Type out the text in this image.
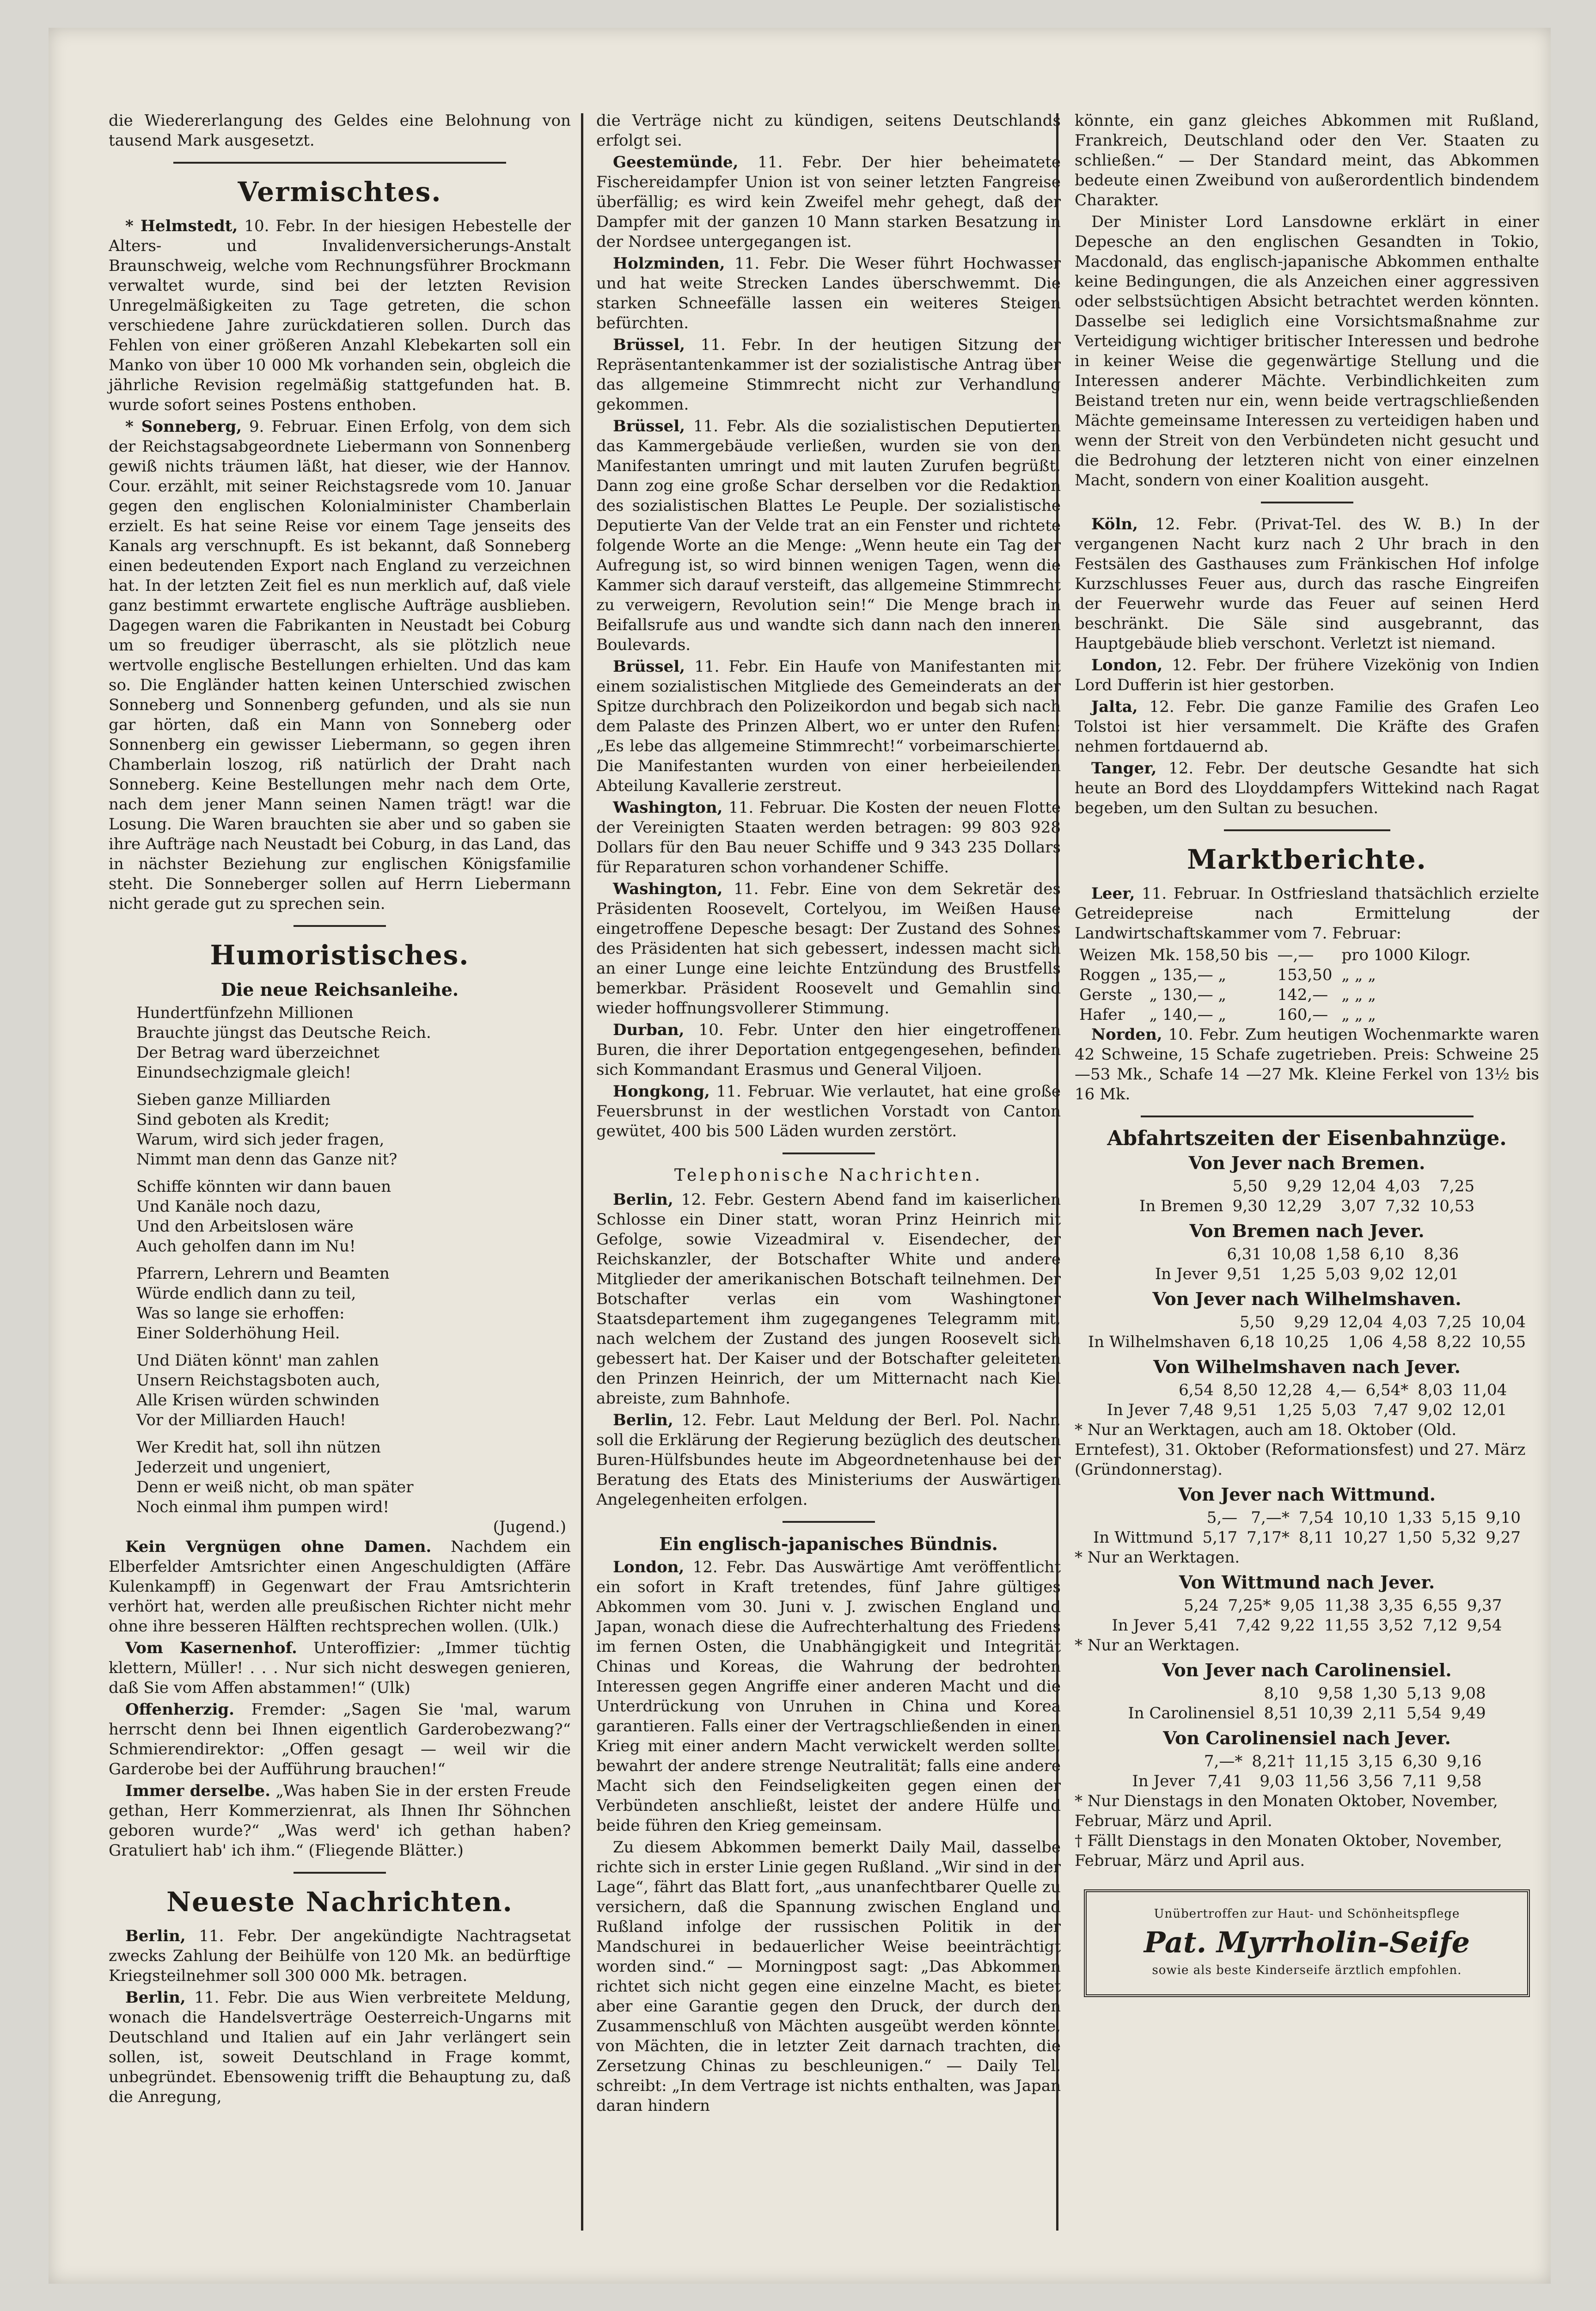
die Wiedererlangung des Geldes eine Belohnung von tausend Mark ausgesetzt.

Vermischtes.

* Helmstedt, 10. Febr. In der hiesigen Hebestelle der Alters- und Invalidenversicherungs-Anstalt Braunschweig, welche vom Rechnungsführer Brockmann verwaltet wurde, sind bei der letzten Revision Unregelmäßigkeiten zu Tage getreten, die schon verschiedene Jahre zurückdatieren sollen. Durch das Fehlen von einer größeren Anzahl Klebekarten soll ein Manko von über 10 000 Mk vorhanden sein, obgleich die jährliche Revision regelmäßig stattgefunden hat. B. wurde sofort seines Postens enthoben.

* Sonneberg, 9. Februar. Einen Erfolg, von dem sich der Reichstagsabgeordnete Liebermann von Sonnenberg gewiß nichts träumen läßt, hat dieser, wie der Hannov. Cour. erzählt, mit seiner Reichstagsrede vom 10. Januar gegen den englischen Kolonialminister Chamberlain erzielt. Es hat seine Reise vor einem Tage jenseits des Kanals arg verschnupft. Es ist bekannt, daß Sonneberg einen bedeutenden Export nach England zu verzeichnen hat. In der letzten Zeit fiel es nun merklich auf, daß viele ganz bestimmt erwartete englische Aufträge ausblieben. Dagegen waren die Fabrikanten in Neustadt bei Coburg um so freudiger überrascht, als sie plötzlich neue wertvolle englische Bestellungen erhielten. Und das kam so. Die Engländer hatten keinen Unterschied zwischen Sonneberg und Sonnenberg gefunden, und als sie nun gar hörten, daß ein Mann von Sonneberg oder Sonnenberg ein gewisser Liebermann, so gegen ihren Chamberlain loszog, riß natürlich der Draht nach Sonneberg. Keine Bestellungen mehr nach dem Orte, nach dem jener Mann seinen Namen trägt! war die Losung. Die Waren brauchten sie aber und so gaben sie ihre Aufträge nach Neustadt bei Coburg, in das Land, das in nächster Beziehung zur englischen Königsfamilie steht. Die Sonneberger sollen auf Herrn Liebermann nicht gerade gut zu sprechen sein.

Humoristisches.
Die neue Reichsanleihe.
Hundertfünfzehn Millionen
Brauchte jüngst das Deutsche Reich.
Der Betrag ward überzeichnet
Einundsechzigmale gleich!
Sieben ganze Milliarden
Sind geboten als Kredit;
Warum, wird sich jeder fragen,
Nimmt man denn das Ganze nit?
Schiffe könnten wir dann bauen
Und Kanäle noch dazu,
Und den Arbeitslosen wäre
Auch geholfen dann im Nu!
Pfarrern, Lehrern und Beamten
Würde endlich dann zu teil,
Was so lange sie erhoffen:
Einer Solderhöhung Heil.
Und Diäten könnt' man zahlen
Unsern Reichstagsboten auch,
Alle Krisen würden schwinden
Vor der Milliarden Hauch!
Wer Kredit hat, soll ihn nützen
Jederzeit und ungeniert,
Denn er weiß nicht, ob man später
Noch einmal ihm pumpen wird!
(Jugend.)

Kein Vergnügen ohne Damen. Nachdem ein Elberfelder Amtsrichter einen Angeschuldigten (Affäre Kulenkampff) in Gegenwart der Frau Amtsrichterin verhört hat, werden alle preußischen Richter nicht mehr ohne ihre besseren Hälften rechtsprechen wollen. (Ulk.)

Vom Kasernenhof. Unteroffizier: „Immer tüchtig klettern, Müller! . . . Nur sich nicht deswegen genieren, daß Sie vom Affen abstammen!“ (Ulk)

Offenherzig. Fremder: „Sagen Sie 'mal, warum herrscht denn bei Ihnen eigentlich Garderobezwang?“ Schmierendirektor: „Offen gesagt — weil wir die Garderobe bei der Aufführung brauchen!“

Immer derselbe. „Was haben Sie in der ersten Freude gethan, Herr Kommerzienrat, als Ihnen Ihr Söhnchen geboren wurde?“ „Was werd' ich gethan haben? Gratuliert hab' ich ihm.“ (Fliegende Blätter.)

Neueste Nachrichten.

Berlin, 11. Febr. Der angekündigte Nachtragsetat zwecks Zahlung der Beihülfe von 120 Mk. an bedürftige Kriegsteilnehmer soll 300 000 Mk. betragen.

Berlin, 11. Febr. Die aus Wien verbreitete Meldung, wonach die Handelsverträge Oesterreich-Ungarns mit Deutschland und Italien auf ein Jahr verlängert sein sollen, ist, soweit Deutschland in Frage kommt, unbegründet. Ebensowenig trifft die Behauptung zu, daß die Anregung,

die Verträge nicht zu kündigen, seitens Deutschlands erfolgt sei.

Geestemünde, 11. Febr. Der hier beheimatete Fischereidampfer Union ist von seiner letzten Fangreise überfällig; es wird kein Zweifel mehr gehegt, daß der Dampfer mit der ganzen 10 Mann starken Besatzung in der Nordsee untergegangen ist.

Holzminden, 11. Febr. Die Weser führt Hochwasser und hat weite Strecken Landes überschwemmt. Die starken Schneefälle lassen ein weiteres Steigen befürchten.

Brüssel, 11. Febr. In der heutigen Sitzung der Repräsentantenkammer ist der sozialistische Antrag über das allgemeine Stimmrecht nicht zur Verhandlung gekommen.

Brüssel, 11. Febr. Als die sozialistischen Deputierten das Kammergebäude verließen, wurden sie von den Manifestanten umringt und mit lauten Zurufen begrüßt. Dann zog eine große Schar derselben vor die Redaktion des sozialistischen Blattes Le Peuple. Der sozialistische Deputierte Van der Velde trat an ein Fenster und richtete folgende Worte an die Menge: „Wenn heute ein Tag der Aufregung ist, so wird binnen wenigen Tagen, wenn die Kammer sich darauf versteift, das allgemeine Stimmrecht zu verweigern, Revolution sein!“ Die Menge brach in Beifallsrufe aus und wandte sich dann nach den inneren Boulevards.

Brüssel, 11. Febr. Ein Haufe von Manifestanten mit einem sozialistischen Mitgliede des Gemeinderats an der Spitze durchbrach den Polizeikordon und begab sich nach dem Palaste des Prinzen Albert, wo er unter den Rufen: „Es lebe das allgemeine Stimmrecht!“ vorbeimarschierte. Die Manifestanten wurden von einer herbeieilenden Abteilung Kavallerie zerstreut.

Washington, 11. Februar. Die Kosten der neuen Flotte der Vereinigten Staaten werden betragen: 99 803 928 Dollars für den Bau neuer Schiffe und 9 343 235 Dollars für Reparaturen schon vorhandener Schiffe.

Washington, 11. Febr. Eine von dem Sekretär des Präsidenten Roosevelt, Cortelyou, im Weißen Hause eingetroffene Depesche besagt: Der Zustand des Sohnes des Präsidenten hat sich gebessert, indessen macht sich an einer Lunge eine leichte Entzündung des Brustfells bemerkbar. Präsident Roosevelt und Gemahlin sind wieder hoffnungsvollerer Stimmung.

Durban, 10. Febr. Unter den hier eingetroffenen Buren, die ihrer Deportation entgegengesehen, befinden sich Kommandant Erasmus und General Viljoen.

Hongkong, 11. Februar. Wie verlautet, hat eine große Feuersbrunst in der westlichen Vorstadt von Canton gewütet, 400 bis 500 Läden wurden zerstört.

Telephonische Nachrichten.

Berlin, 12. Febr. Gestern Abend fand im kaiserlichen Schlosse ein Diner statt, woran Prinz Heinrich mit Gefolge, sowie Vizeadmiral v. Eisendecher, der Reichskanzler, der Botschafter White und andere Mitglieder der amerikanischen Botschaft teilnehmen. Der Botschafter verlas ein vom Washingtoner Staatsdepartement ihm zugegangenes Telegramm mit, nach welchem der Zustand des jungen Roosevelt sich gebessert hat. Der Kaiser und der Botschafter geleiteten den Prinzen Heinrich, der um Mitternacht nach Kiel abreiste, zum Bahnhofe.

Berlin, 12. Febr. Laut Meldung der Berl. Pol. Nachr. soll die Erklärung der Regierung bezüglich des deutschen Buren-Hülfsbundes heute im Abgeordnetenhause bei der Beratung des Etats des Ministeriums der Auswärtigen Angelegenheiten erfolgen.

Ein englisch-japanisches Bündnis.

London, 12. Febr. Das Auswärtige Amt veröffentlicht ein sofort in Kraft tretendes, fünf Jahre gültiges Abkommen vom 30. Juni v. J. zwischen England und Japan, wonach diese die Aufrechterhaltung des Friedens im fernen Osten, die Unabhängigkeit und Integrität Chinas und Koreas, die Wahrung der bedrohten Interessen gegen Angriffe einer anderen Macht und die Unterdrückung von Unruhen in China und Korea garantieren. Falls einer der Vertragschließenden in einen Krieg mit einer andern Macht verwickelt werden sollte, bewahrt der andere strenge Neutralität; falls eine andere Macht sich den Feindseligkeiten gegen einen der Verbündeten anschließt, leistet der andere Hülfe und beide führen den Krieg gemeinsam.

Zu diesem Abkommen bemerkt Daily Mail, dasselbe richte sich in erster Linie gegen Rußland. „Wir sind in der Lage“, fährt das Blatt fort, „aus unanfechtbarer Quelle zu versichern, daß die Spannung zwischen England und Rußland infolge der russischen Politik in der Mandschurei in bedauerlicher Weise beeinträchtigt worden sind.“ — Morningpost sagt: „Das Abkommen richtet sich nicht gegen eine einzelne Macht, es bietet aber eine Garantie gegen den Druck, der durch den Zusammenschluß von Mächten ausgeübt werden könnte, von Mächten, die in letzter Zeit darnach trachten, die Zersetzung Chinas zu beschleunigen.“ — Daily Tel. schreibt: „In dem Vertrage ist nichts enthalten, was Japan daran hindern

könnte, ein ganz gleiches Abkommen mit Rußland, Frankreich, Deutschland oder den Ver. Staaten zu schließen.“ — Der Standard meint, das Abkommen bedeute einen Zweibund von außerordentlich bindendem Charakter.

Der Minister Lord Lansdowne erklärt in einer Depesche an den englischen Gesandten in Tokio, Macdonald, das englisch-japanische Abkommen enthalte keine Bedingungen, die als Anzeichen einer aggressiven oder selbstsüchtigen Absicht betrachtet werden könnten. Dasselbe sei lediglich eine Vorsichtsmaßnahme zur Verteidigung wichtiger britischer Interessen und bedrohe in keiner Weise die gegenwärtige Stellung und die Interessen anderer Mächte. Verbindlichkeiten zum Beistand treten nur ein, wenn beide vertragschließenden Mächte gemeinsame Interessen zu verteidigen haben und wenn der Streit von den Verbündeten nicht gesucht und die Bedrohung der letzteren nicht von einer einzelnen Macht, sondern von einer Koalition ausgeht.

Köln, 12. Febr. (Privat-Tel. des W. B.) In der vergangenen Nacht kurz nach 2 Uhr brach in den Festsälen des Gasthauses zum Fränkischen Hof infolge Kurzschlusses Feuer aus, durch das rasche Eingreifen der Feuerwehr wurde das Feuer auf seinen Herd beschränkt. Die Säle sind ausgebrannt, das Hauptgebäude blieb verschont. Verletzt ist niemand.

London, 12. Febr. Der frühere Vizekönig von Indien Lord Dufferin ist hier gestorben.

Jalta, 12. Febr. Die ganze Familie des Grafen Leo Tolstoi ist hier versammelt. Die Kräfte des Grafen nehmen fortdauernd ab.

Tanger, 12. Febr. Der deutsche Gesandte hat sich heute an Bord des Lloyddampfers Wittekind nach Ragat begeben, um den Sultan zu besuchen.

Marktberichte.

Leer, 11. Februar. In Ostfriesland thatsächlich erzielte Getreidepreise nach Ermittelung der Landwirtschaftskammer vom 7. Februar:

Weizen	Mk. 158,50 bis	—,—	pro 1000 Kilogr.
Roggen	„ 135,— „	153,50	„ „ „
Gerste	„ 130,— „	142,—	„ „ „
Hafer	„ 140,— „	160,—	„ „ „

Norden, 10. Febr. Zum heutigen Wochenmarkte waren 42 Schweine, 15 Schafe zugetrieben. Preis: Schweine 25—53 Mk., Schafe 14 —27 Mk. Kleine Ferkel von 13½ bis 16 Mk.

Abfahrtszeiten der Eisenbahnzüge.
Von Jever nach Bremen.
	5,50	9,29	12,04	4,03	7,25
In Bremen	9,30	12,29	3,07	7,32	10,53
Von Bremen nach Jever.
	6,31	10,08	1,58	6,10	8,36
In Jever	9,51	1,25	5,03	9,02	12,01
Von Jever nach Wilhelmshaven.
	5,50	9,29	12,04	4,03	7,25	10,04
In Wilhelmshaven	6,18	10,25	1,06	4,58	8,22	10,55
Von Wilhelmshaven nach Jever.
	6,54	8,50	12,28	4,—	6,54*	8,03	11,04
In Jever	7,48	9,51	1,25	5,03	7,47	9,02	12,01
* Nur an Werktagen, auch am 18. Oktober (Old. Erntefest), 31. Oktober (Reformationsfest) und 27. März (Gründonnerstag).
Von Jever nach Wittmund.
	5,—	7,—*	7,54	10,10	1,33	5,15	9,10
In Wittmund	5,17	7,17*	8,11	10,27	1,50	5,32	9,27
* Nur an Werktagen.
Von Wittmund nach Jever.
	5,24	7,25*	9,05	11,38	3,35	6,55	9,37
In Jever	5,41	7,42	9,22	11,55	3,52	7,12	9,54
* Nur an Werktagen.
Von Jever nach Carolinensiel.
	8,10	9,58	1,30	5,13	9,08
In Carolinensiel	8,51	10,39	2,11	5,54	9,49
Von Carolinensiel nach Jever.
	7,—*	8,21†	11,15	3,15	6,30	9,16
In Jever	7,41	9,03	11,56	3,56	7,11	9,58
* Nur Dienstags in den Monaten Oktober, November, Februar, März und April.
† Fällt Dienstags in den Monaten Oktober, November, Februar, März und April aus.
Unübertroffen zur Haut- und Schönheitspflege
Pat. Myrrholin-Seife
sowie als beste Kinderseife ärztlich empfohlen.
